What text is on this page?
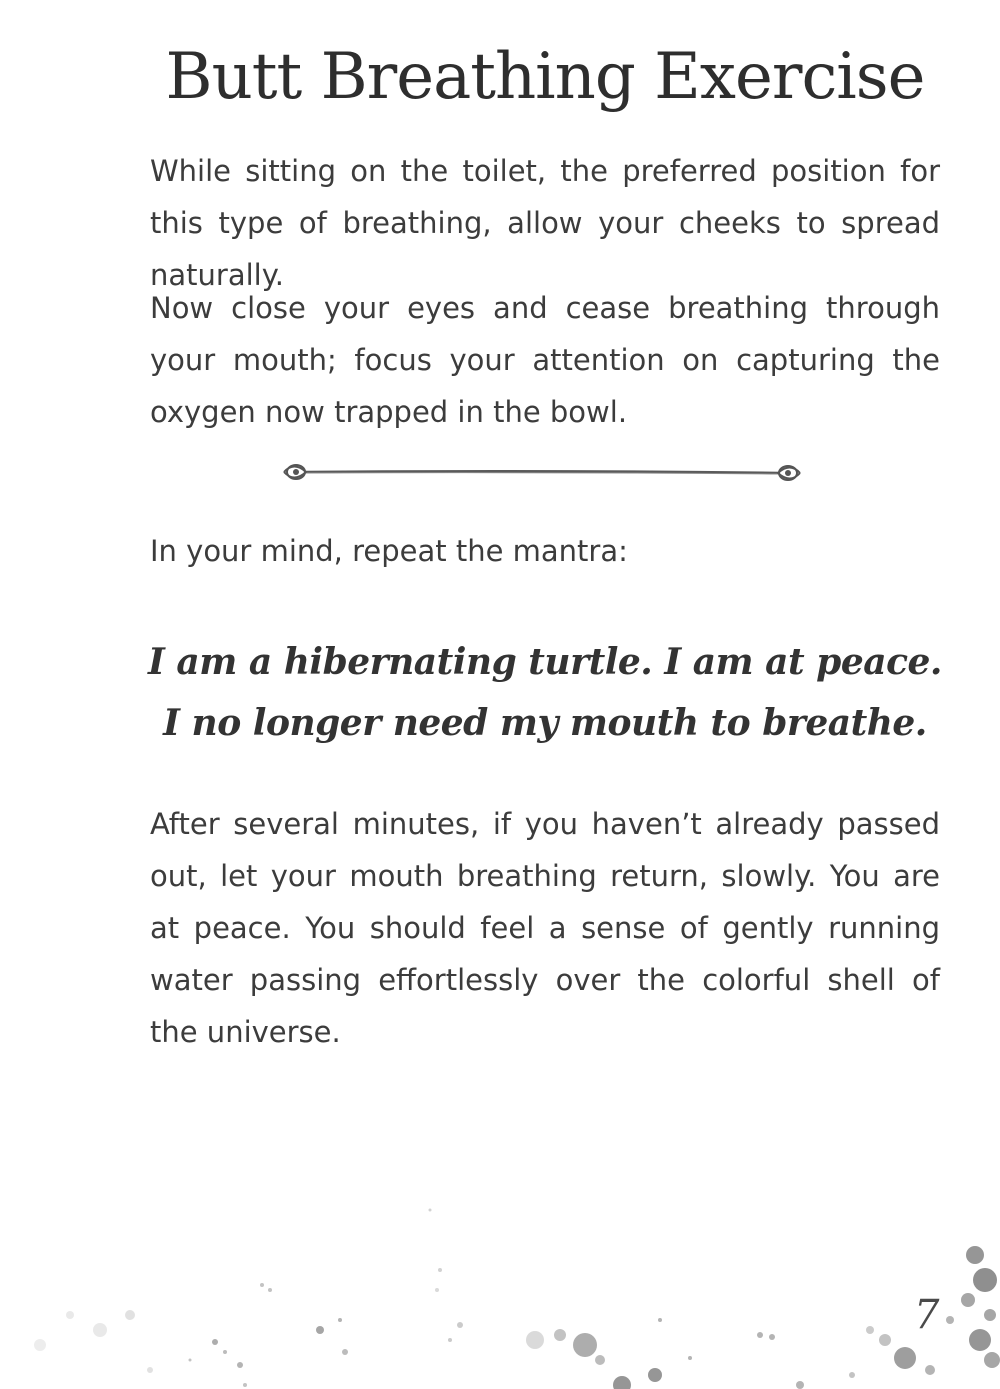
Butt Breathing Exercise

While sitting on the toilet, the preferred position for this type of breathing, allow your cheeks to spread naturally.

Now close your eyes and cease breathing through your mouth; focus your attention on capturing the oxygen now trapped in the bowl.

In your mind, repeat the mantra:

I am a hibernating turtle. I am at peace.
I no longer need my mouth to breathe.

After several minutes, if you haven’t already passed out, let your mouth breathing return, slowly. You are at peace. You should feel a sense of gently running water passing effortlessly over the colorful shell of the universe.

7
